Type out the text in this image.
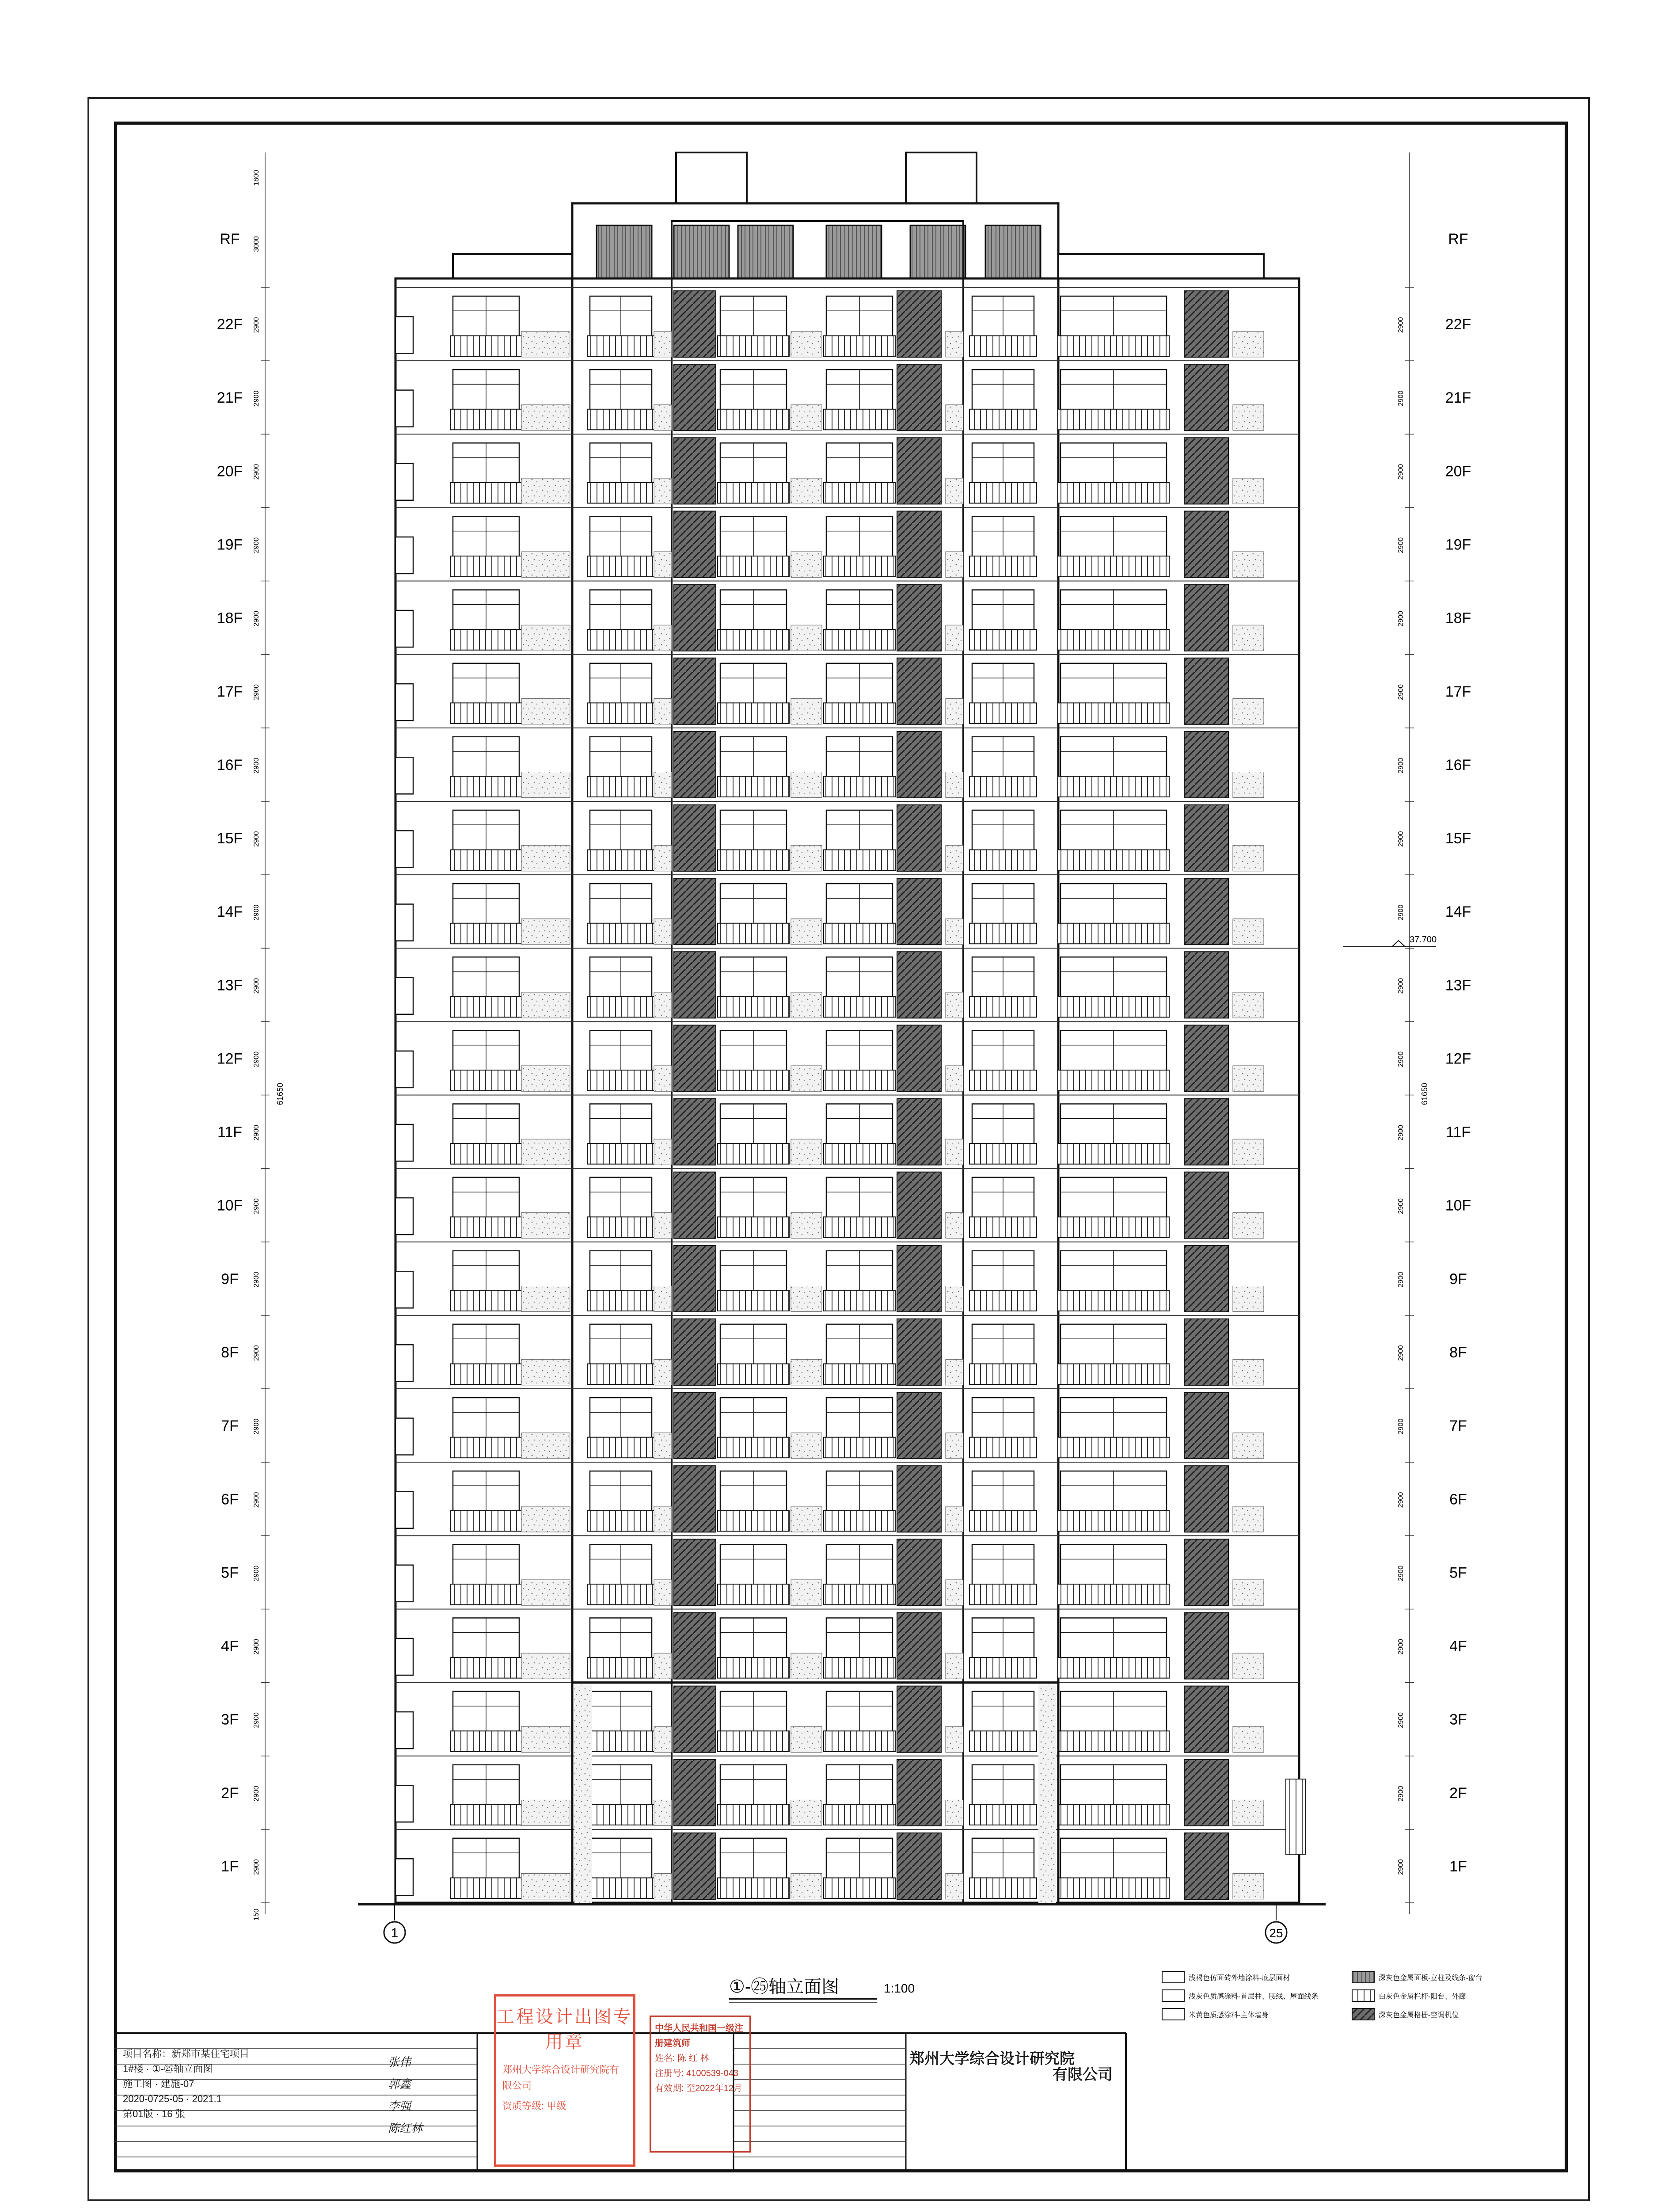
RF
22F
21F
20F
19F
18F
17F
16F
15F
14F
13F
12F
11F
10F
9F
8F
7F
6F
5F
4F
3F
2F
1F
2900
2900
2900
2900
2900
2900
2900
2900
2900
2900
2900
2900
2900
2900
2900
2900
2900
2900
2900
2900
2900
2900
61650
1800
3000
150
RF
22F
21F
20F
19F
18F
17F
16F
15F
14F
13F
12F
11F
10F
9F
8F
7F
6F
5F
4F
3F
2F
1F
2900
2900
2900
2900
2900
2900
2900
2900
2900
2900
2900
2900
2900
2900
2900
2900
2900
2900
2900
2900
2900
2900
61650
1	25
①-㉕轴立面图	1:100
37.700
浅褐色仿面砖外墙涂料-底层面材	深灰色金属面板-立柱及线条-窗台
浅灰色质感涂料-首层柱、腰线、屋面线条	白灰色金属栏杆-阳台、外廊
米黄色质感涂料-主体墙身	深灰色金属格栅-空调机位
项目名称：新郑市某住宅项目
1#楼 · ①-㉕轴立面图
施工图 · 建施-07
2020-0725-05 · 2021.1
第01版 · 16 张
郑州大学综合设计研究院
有限公司
张伟
郭鑫
李强
陈红林
工程设计出图专用章
郑州大学综合设计研究院有限公司
资质等级: 甲级
中华人民共和国一级注册建筑师
姓名: 陈 红 林
注册号: 4100539-043
有效期: 至2022年12月
